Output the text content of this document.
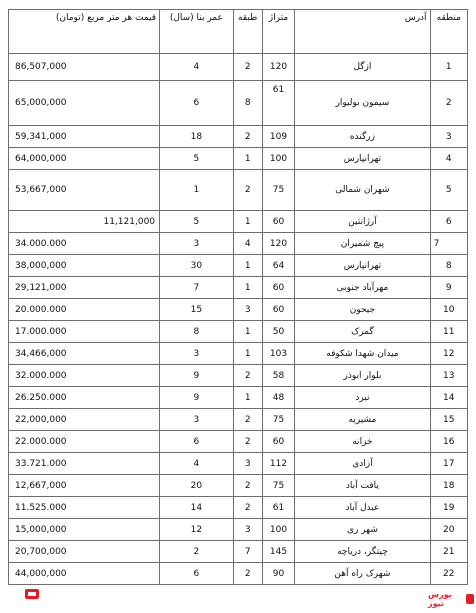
منطقه	آدرس	متراژ	طبقه	عمر بنا (سال)	قیمت هر متر مربع (تومان)
1	ازگل	120	2	4	86,507,000
2	سیمون بولیوار	61	8	6	65,000,000
3	زرگنده	109	2	18	59,341,000
4	تهرانپارس	100	1	5	64,000,000
5	شهران شمالی	75	2	1	53,667,000
6	آرژانتین	60	1	5	11,121,000
7	پیچ شمیران	120	4	3	34.000.000
8	تهرانپارس	64	1	30	38,000,000
9	مهرآباد جنوبی	60	1	7	29,121,000
10	جیحون	60	3	15	20.000.000
11	گمرک	50	1	8	17.000.000
12	میدان شهدا شکوفه	103	1	3	34,466,000
13	بلوار ابوذر	58	2	9	32.000.000
14	نبرد	48	1	9	26.250.000
15	مشیریه	75	2	3	22,000,000
16	خزانه	60	2	6	22.000.000
17	آزادی	112	3	4	33.721.000
18	یافت آباد	75	2	20	12,667,000
19	عبدل آباد	61	2	14	11.525.000
20	شهر ری	100	3	12	15,000,000
21	چیتگر، دریاچه	145	7	2	20,700,000
22	شهرک راه آهن	90	2	6	44,000,000
بورس نیوز
